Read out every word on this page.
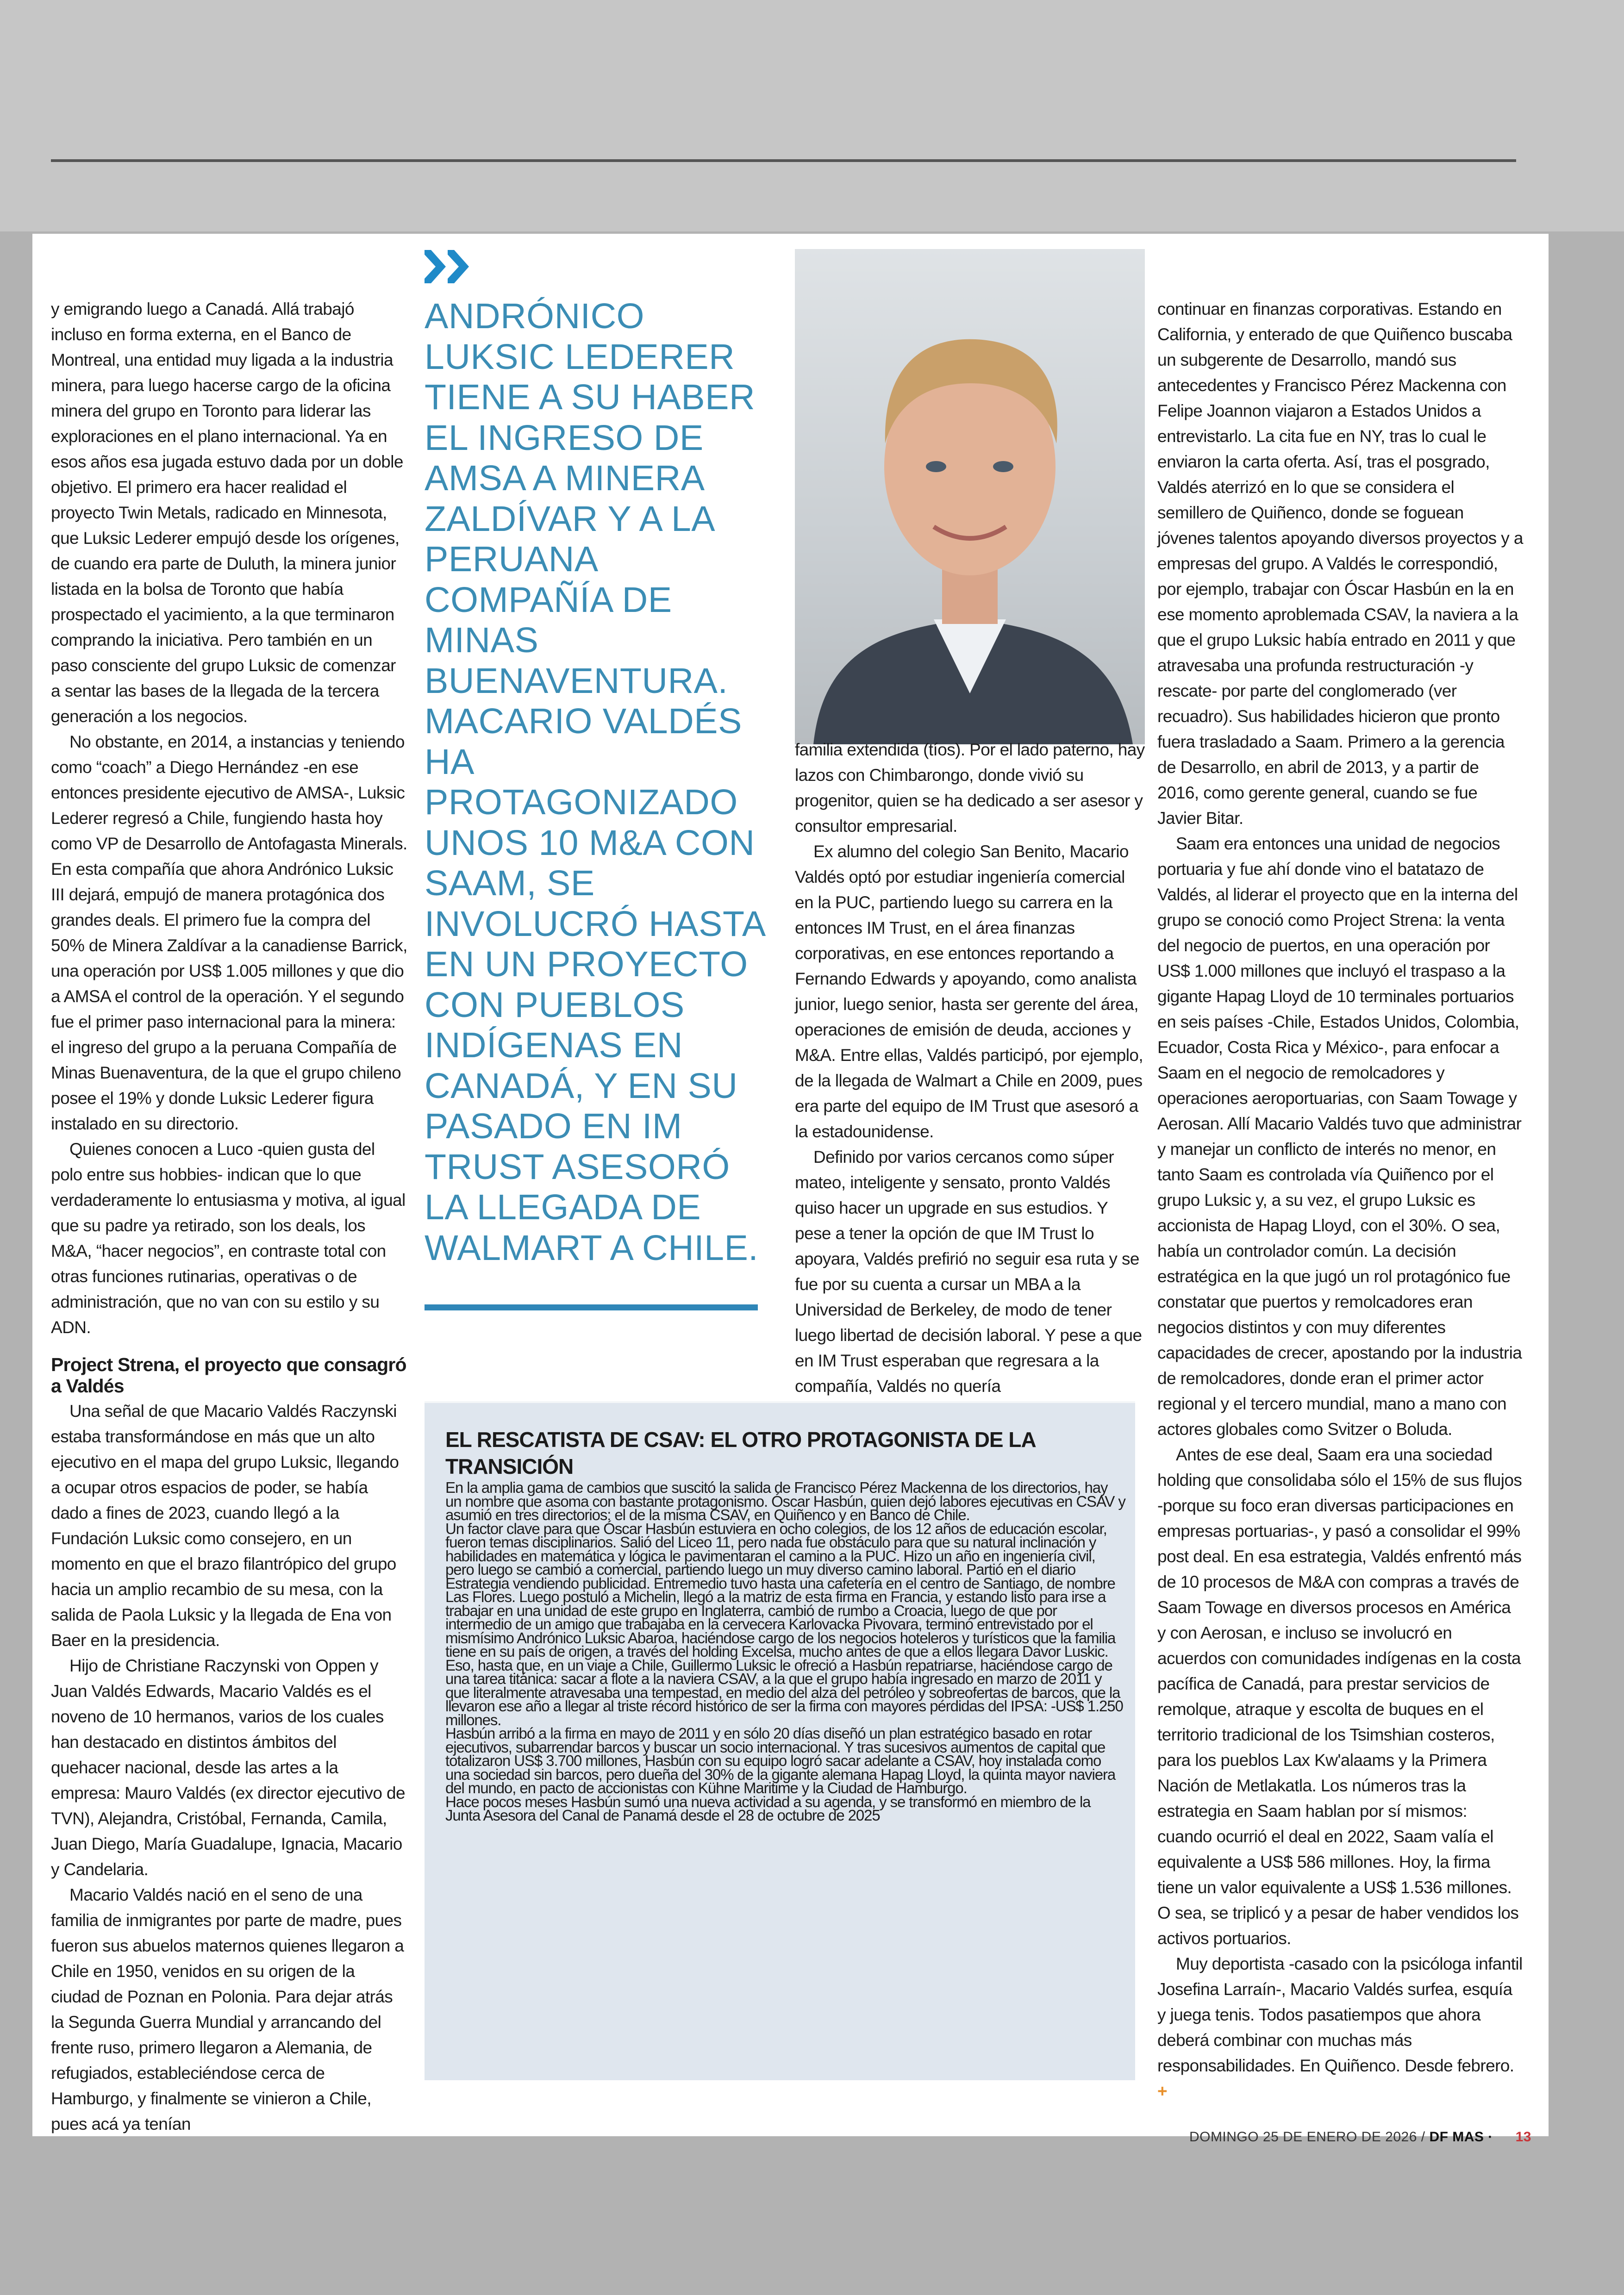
y emigrando luego a Canadá. Allá trabajó incluso en forma externa, en el Banco de Montreal, una entidad muy ligada a la industria minera, para luego hacerse cargo de la oficina minera del grupo en Toronto para liderar las exploraciones en el plano internacional. Ya en esos años esa jugada estuvo dada por un doble objetivo. El primero era hacer realidad el proyecto Twin Metals, radicado en Minnesota, que Luksic Lederer empujó desde los orígenes, de cuando era parte de Duluth, la minera junior listada en la bolsa de Toronto que había prospectado el yacimiento, a la que terminaron comprando la iniciativa. Pero también en un paso consciente del grupo Luksic de comenzar a sentar las bases de la llegada de la tercera generación a los negocios.

No obstante, en 2014, a instancias y teniendo como “coach” a Diego Hernández -en ese entonces presidente ejecutivo de AMSA-, Luksic Lederer regresó a Chile, fungiendo hasta hoy como VP de Desarrollo de Antofagasta Minerals. En esta compañía que ahora Andrónico Luksic III dejará, empujó de manera protagónica dos grandes deals. El primero fue la compra del 50% de Minera Zaldívar a la canadiense Barrick, una operación por US$ 1.005 millones y que dio a AMSA el control de la operación. Y el segundo fue el primer paso internacional para la minera: el ingreso del grupo a la peruana Compañía de Minas Buenaventura, de la que el grupo chileno posee el 19% y donde Luksic Lederer figura instalado en su directorio.

Quienes conocen a Luco -quien gusta del polo entre sus hobbies- indican que lo que verdaderamente lo entusiasma y motiva, al igual que su padre ya retirado, son los deals, los M&A, “hacer negocios”, en contraste total con otras funciones rutinarias, operativas o de administración, que no van con su estilo y su ADN.

Project Strena, el proyecto que consagró a Valdés

Una señal de que Macario Valdés Raczynski estaba transformándose en más que un alto ejecutivo en el mapa del grupo Luksic, llegando a ocupar otros espacios de poder, se había dado a fines de 2023, cuando llegó a la Fundación Luksic como consejero, en un momento en que el brazo filantrópico del grupo hacia un amplio recambio de su mesa, con la salida de Paola Luksic y la llegada de Ena von Baer en la presidencia.

Hijo de Christiane Raczynski von Oppen y Juan Valdés Edwards, Macario Valdés es el noveno de 10 hermanos, varios de los cuales han destacado en distintos ámbitos del quehacer nacional, desde las artes a la empresa: Mauro Valdés (ex director ejecutivo de TVN), Alejandra, Cristóbal, Fernanda, Camila, Juan Diego, María Guadalupe, Ignacia, Macario y Candelaria.

Macario Valdés nació en el seno de una familia de inmigrantes por parte de madre, pues fueron sus abuelos maternos quienes llegaron a Chile en 1950, venidos en su origen de la ciudad de Poznan en Polonia. Para dejar atrás la Segunda Guerra Mundial y arrancando del frente ruso, primero llegaron a Alemania, de refugiados, estableciéndose cerca de Hamburgo, y finalmente se vinieron a Chile, pues acá ya tenían

ANDRÓNICO LUKSIC LEDERER TIENE A SU HABER EL INGRESO DE AMSA A MINERA ZALDÍVAR Y A LA PERUANA COMPAÑÍA DE MINAS BUENAVENTURA. MACARIO VALDÉS HA PROTAGONIZADO UNOS 10 M&A CON SAAM, SE INVOLUCRÓ HASTA EN UN PROYECTO CON PUEBLOS INDÍGENAS EN CANADÁ, Y EN SU PASADO EN IM TRUST ASESORÓ LA LLEGADA DE WALMART A CHILE.

familia extendida (tíos). Por el lado paterno, hay lazos con Chimbarongo, donde vivió su progenitor, quien se ha dedicado a ser asesor y consultor empresarial.

Ex alumno del colegio San Benito, Macario Valdés optó por estudiar ingeniería comercial en la PUC, partiendo luego su carrera en la entonces IM Trust, en el área finanzas corporativas, en ese entonces reportando a Fernando Edwards y apoyando, como analista junior, luego senior, hasta ser gerente del área, operaciones de emisión de deuda, acciones y M&A. Entre ellas, Valdés participó, por ejemplo, de la llegada de Walmart a Chile en 2009, pues era parte del equipo de IM Trust que asesoró a la estadounidense.

Definido por varios cercanos como súper mateo, inteligente y sensato, pronto Valdés quiso hacer un upgrade en sus estudios. Y pese a tener la opción de que IM Trust lo apoyara, Valdés prefirió no seguir esa ruta y se fue por su cuenta a cursar un MBA a la Universidad de Berkeley, de modo de tener luego libertad de decisión laboral. Y pese a que en IM Trust esperaban que regresara a la compañía, Valdés no quería

continuar en finanzas corporativas. Estando en California, y enterado de que Quiñenco buscaba un subgerente de Desarrollo, mandó sus antecedentes y Francisco Pérez Mackenna con Felipe Joannon viajaron a Estados Unidos a entrevistarlo. La cita fue en NY, tras lo cual le enviaron la carta oferta. Así, tras el posgrado, Valdés aterrizó en lo que se considera el semillero de Quiñenco, donde se foguean jóvenes talentos apoyando diversos proyectos y a empresas del grupo. A Valdés le correspondió, por ejemplo, trabajar con Óscar Hasbún en la en ese momento aproblemada CSAV, la naviera a la que el grupo Luksic había entrado en 2011 y que atravesaba una profunda restructuración -y rescate- por parte del conglomerado (ver recuadro). Sus habilidades hicieron que pronto fuera trasladado a Saam. Primero a la gerencia de Desarrollo, en abril de 2013, y a partir de 2016, como gerente general, cuando se fue Javier Bitar.

Saam era entonces una unidad de negocios portuaria y fue ahí donde vino el batatazo de Valdés, al liderar el proyecto que en la interna del grupo se conoció como Project Strena: la venta del negocio de puertos, en una operación por US$ 1.000 millones que incluyó el traspaso a la gigante Hapag Lloyd de 10 terminales portuarios en seis países -Chile, Estados Unidos, Colombia, Ecuador, Costa Rica y México-, para enfocar a Saam en el negocio de remolcadores y operaciones aeroportuarias, con Saam Towage y Aerosan. Allí Macario Valdés tuvo que administrar y manejar un conflicto de interés no menor, en tanto Saam es controlada vía Quiñenco por el grupo Luksic y, a su vez, el grupo Luksic es accionista de Hapag Lloyd, con el 30%. O sea, había un controlador común. La decisión estratégica en la que jugó un rol protagónico fue constatar que puertos y remolcadores eran negocios distintos y con muy diferentes capacidades de crecer, apostando por la industria de remolcadores, donde eran el primer actor regional y el tercero mundial, mano a mano con actores globales como Svitzer o Boluda.

Antes de ese deal, Saam era una sociedad holding que consolidaba sólo el 15% de sus flujos -porque su foco eran diversas participaciones en empresas portuarias-, y pasó a consolidar el 99% post deal. En esa estrategia, Valdés enfrentó más de 10 procesos de M&A con compras a través de Saam Towage en diversos procesos en América y con Aerosan, e incluso se involucró en acuerdos con comunidades indígenas en la costa pacífica de Canadá, para prestar servicios de remolque, atraque y escolta de buques en el territorio tradicional de los Tsimshian costeros, para los pueblos Lax Kw'alaams y la Primera Nación de Metlakatla. Los números tras la estrategia en Saam hablan por sí mismos: cuando ocurrió el deal en 2022, Saam valía el equivalente a US$ 586 millones. Hoy, la firma tiene un valor equivalente a US$ 1.536 millones. O sea, se triplicó y a pesar de haber vendidos los activos portuarios.

Muy deportista -casado con la psicóloga infantil Josefina Larraín-, Macario Valdés surfea, esquía y juega tenis. Todos pasatiempos que ahora deberá combinar con muchas más responsabilidades. En Quiñenco. Desde febrero. +

EL RESCATISTA DE CSAV: EL OTRO PROTAGONISTA DE LA TRANSICIÓN

En la amplia gama de cambios que suscitó la salida de Francisco Pérez Mackenna de los directorios, hay un nombre que asoma con bastante protagonismo. Óscar Hasbún, quien dejó labores ejecutivas en CSAV y asumió en tres directorios: el de la misma CSAV, en Quiñenco y en Banco de Chile.

Un factor clave para que Óscar Hasbún estuviera en ocho colegios, de los 12 años de educación escolar, fueron temas disciplinarios. Salió del Liceo 11, pero nada fue obstáculo para que su natural inclinación y habilidades en matemática y lógica le pavimentaran el camino a la PUC. Hizo un año en ingeniería civil, pero luego se cambió a comercial, partiendo luego un muy diverso camino laboral. Partió en el diario Estrategia vendiendo publicidad. Entremedio tuvo hasta una cafetería en el centro de Santiago, de nombre Las Flores. Luego postuló a Michelin, llegó a la matriz de esta firma en Francia, y estando listo para irse a trabajar en una unidad de este grupo en Inglaterra, cambió de rumbo a Croacia, luego de que por intermedio de un amigo que trabajaba en la cervecera Karlovacka Pivovara, terminó entrevistado por el mismísimo Andrónico Luksic Abaroa, haciéndose cargo de los negocios hoteleros y turísticos que la familia tiene en su país de origen, a través del holding Excelsa, mucho antes de que a ellos llegara Davor Luskic. Eso, hasta que, en un viaje a Chile, Guillermo Luksic le ofreció a Hasbún repatriarse, haciéndose cargo de una tarea titánica: sacar a flote a la naviera CSAV, a la que el grupo había ingresado en marzo de 2011 y que literalmente atravesaba una tempestad, en medio del alza del petróleo y sobreofertas de barcos, que la llevaron ese año a llegar al triste récord histórico de ser la firma con mayores pérdidas del IPSA: -US$ 1.250 millones.

Hasbún arribó a la firma en mayo de 2011 y en sólo 20 días diseñó un plan estratégico basado en rotar ejecutivos, subarrendar barcos y buscar un socio internacional. Y tras sucesivos aumentos de capital que totalizaron US$ 3.700 millones, Hasbún con su equipo logró sacar adelante a CSAV, hoy instalada como una sociedad sin barcos, pero dueña del 30% de la gigante alemana Hapag Lloyd, la quinta mayor naviera del mundo, en pacto de accionistas con Kühne Maritime y la Ciudad de Hamburgo.

Hace pocos meses Hasbún sumó una nueva actividad a su agenda, y se transformó en miembro de la Junta Asesora del Canal de Panamá desde el 28 de octubre de 2025

DOMINGO 25 DE ENERO DE 2026 / DF MAS · 13
